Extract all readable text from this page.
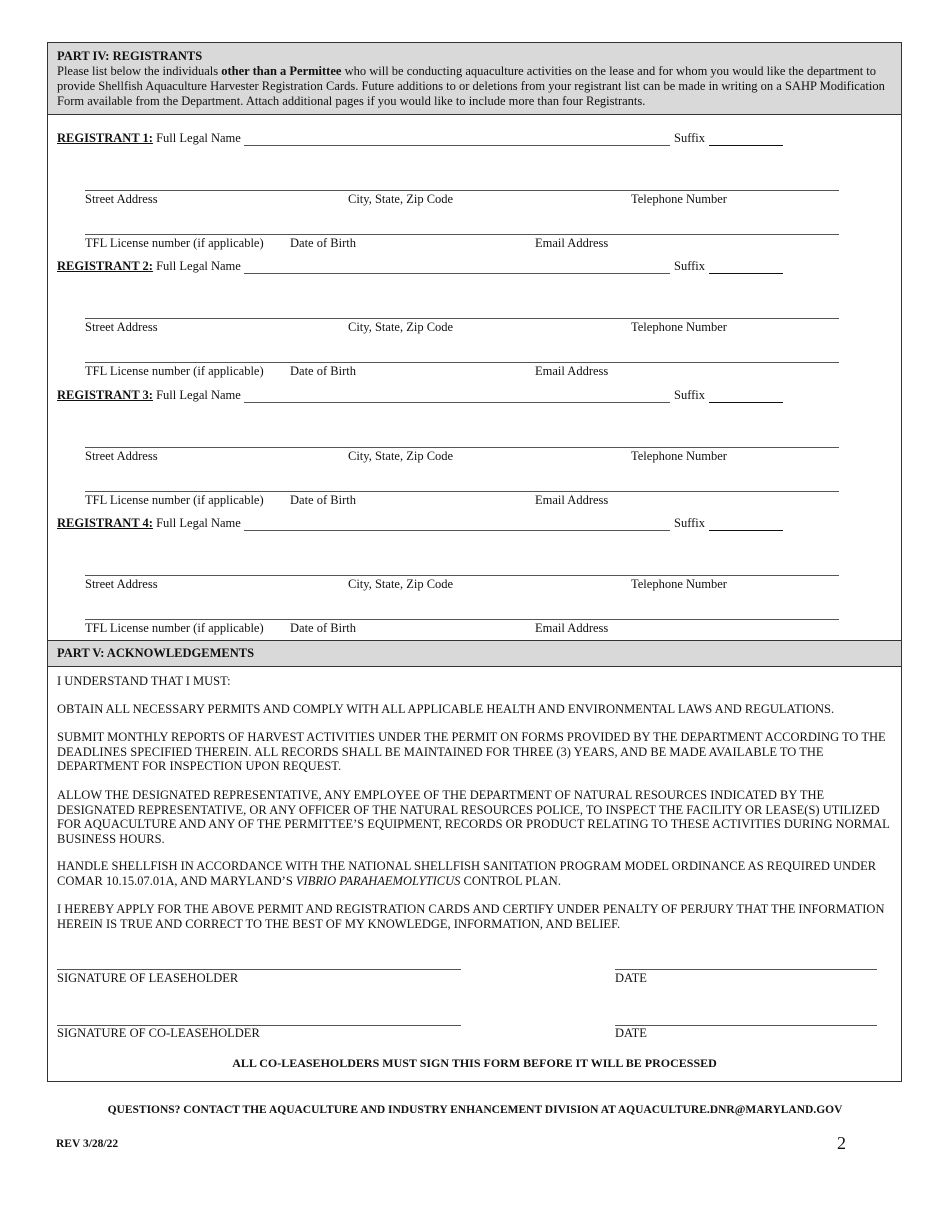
PART IV: REGISTRANTS
Please list below the individuals other than a Permittee who will be conducting aquaculture activities on the lease and for whom you would like the department to provide Shellfish Aquaculture Harvester Registration Cards. Future additions to or deletions from your registrant list can be made in writing on a SAHP Modification Form available from the Department. Attach additional pages if you would like to include more than four Registrants.
REGISTRANT 1: Full Legal Name	Suffix
Street Address	City, State, Zip Code	Telephone Number
TFL License number (if applicable) Date of Birth	Email Address
REGISTRANT 2: Full Legal Name	Suffix
Street Address	City, State, Zip Code	Telephone Number
TFL License number (if applicable) Date of Birth	Email Address
REGISTRANT 3: Full Legal Name	Suffix
Street Address	City, State, Zip Code	Telephone Number
TFL License number (if applicable) Date of Birth	Email Address
REGISTRANT 4: Full Legal Name	Suffix
Street Address	City, State, Zip Code	Telephone Number
TFL License number (if applicable) Date of Birth	Email Address
PART V: ACKNOWLEDGEMENTS
I UNDERSTAND THAT I MUST:
OBTAIN ALL NECESSARY PERMITS AND COMPLY WITH ALL APPLICABLE HEALTH AND ENVIRONMENTAL LAWS AND REGULATIONS.
SUBMIT MONTHLY REPORTS OF HARVEST ACTIVITIES UNDER THE PERMIT ON FORMS PROVIDED BY THE DEPARTMENT ACCORDING TO THE DEADLINES SPECIFIED THEREIN. ALL RECORDS SHALL BE MAINTAINED FOR THREE (3) YEARS, AND BE MADE AVAILABLE TO THE DEPARTMENT FOR INSPECTION UPON REQUEST.
ALLOW THE DESIGNATED REPRESENTATIVE, ANY EMPLOYEE OF THE DEPARTMENT OF NATURAL RESOURCES INDICATED BY THE DESIGNATED REPRESENTATIVE, OR ANY OFFICER OF THE NATURAL RESOURCES POLICE, TO INSPECT THE FACILITY OR LEASE(S) UTILIZED FOR AQUACULTURE AND ANY OF THE PERMITTEE’S EQUIPMENT, RECORDS OR PRODUCT RELATING TO THESE ACTIVITIES DURING NORMAL BUSINESS HOURS.
HANDLE SHELLFISH IN ACCORDANCE WITH THE NATIONAL SHELLFISH SANITATION PROGRAM MODEL ORDINANCE AS REQUIRED UNDER COMAR 10.15.07.01A, AND MARYLAND’S VIBRIO PARAHAEMOLYTICUS CONTROL PLAN.
I HEREBY APPLY FOR THE ABOVE PERMIT AND REGISTRATION CARDS AND CERTIFY UNDER PENALTY OF PERJURY THAT THE INFORMATION HEREIN IS TRUE AND CORRECT TO THE BEST OF MY KNOWLEDGE, INFORMATION, AND BELIEF.
SIGNATURE OF LEASEHOLDER	DATE
SIGNATURE OF CO-LEASEHOLDER	DATE
ALL CO-LEASEHOLDERS MUST SIGN THIS FORM BEFORE IT WILL BE PROCESSED
QUESTIONS? CONTACT THE AQUACULTURE AND INDUSTRY ENHANCEMENT DIVISION AT AQUACULTURE.DNR@MARYLAND.GOV
REV 3/28/22	2
